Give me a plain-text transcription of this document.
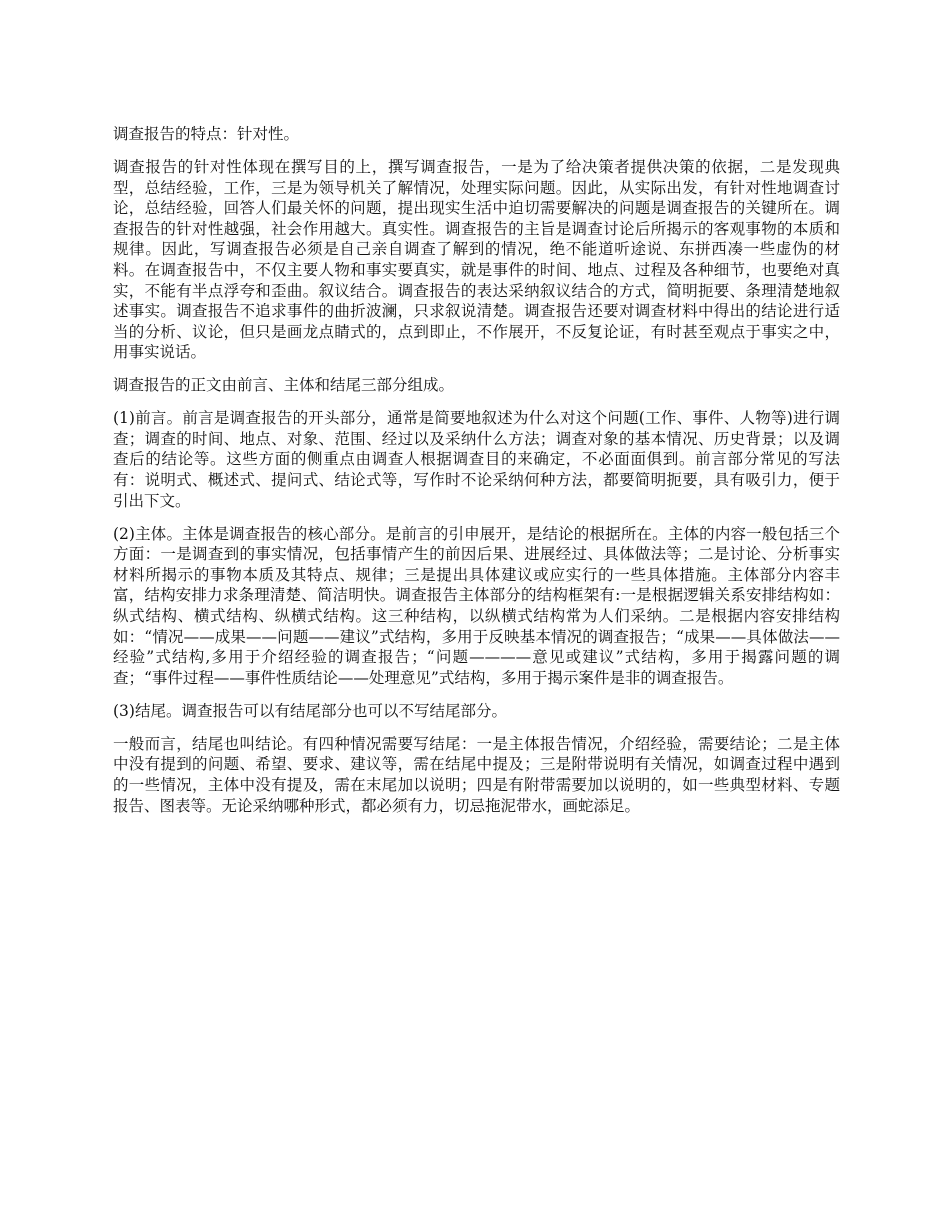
调查报告的特点：针对性。

调查报告的针对性体现在撰写目的上，撰写调查报告，一是为了给决策者提供决策的依据，二是发现典型，总结经验，工作，三是为领导机关了解情况，处理实际问题。因此，从实际出发，有针对性地调查讨论，总结经验，回答人们最关怀的问题，提出现实生活中迫切需要解决的问题是调查报告的关键所在。调查报告的针对性越强，社会作用越大。真实性。调查报告的主旨是调查讨论后所揭示的客观事物的本质和规律。因此，写调查报告必须是自己亲自调查了解到的情况，绝不能道听途说、东拼西凑一些虚伪的材料。在调查报告中，不仅主要人物和事实要真实，就是事件的时间、地点、过程及各种细节，也要绝对真实，不能有半点浮夸和歪曲。叙议结合。调查报告的表达采纳叙议结合的方式，简明扼要、条理清楚地叙述事实。调查报告不追求事件的曲折波澜，只求叙说清楚。调查报告还要对调查材料中得出的结论进行适当的分析、议论，但只是画龙点睛式的，点到即止，不作展开，不反复论证，有时甚至观点于事实之中，用事实说话。

调查报告的正文由前言、主体和结尾三部分组成。

(1)前言。前言是调查报告的开头部分，通常是简要地叙述为什么对这个问题(工作、事件、人物等)进行调查；调查的时间、地点、对象、范围、经过以及采纳什么方法；调查对象的基本情况、历史背景；以及调查后的结论等。这些方面的侧重点由调查人根据调查目的来确定，不必面面俱到。前言部分常见的写法有：说明式、概述式、提问式、结论式等，写作时不论采纳何种方法，都要简明扼要，具有吸引力，便于引出下文。

(2)主体。主体是调查报告的核心部分。是前言的引申展开，是结论的根据所在。主体的内容一般包括三个方面：一是调查到的事实情况，包括事情产生的前因后果、进展经过、具体做法等；二是讨论、分析事实材料所揭示的事物本质及其特点、规律；三是提出具体建议或应实行的一些具体措施。主体部分内容丰富，结构安排力求条理清楚、简洁明快。调查报告主体部分的结构框架有:一是根据逻辑关系安排结构如：纵式结构、横式结构、纵横式结构。这三种结构，以纵横式结构常为人们采纳。二是根据内容安排结构如：“情况——成果——问题——建议”式结构，多用于反映基本情况的调查报告；“成果——具体做法——经验”式结构,多用于介绍经验的调查报告；“问题————意见或建议”式结构，多用于揭露问题的调查；“事件过程——事件性质结论——处理意见”式结构，多用于揭示案件是非的调查报告。

(3)结尾。调查报告可以有结尾部分也可以不写结尾部分。

一般而言，结尾也叫结论。有四种情况需要写结尾：一是主体报告情况，介绍经验，需要结论；二是主体中没有提到的问题、希望、要求、建议等，需在结尾中提及；三是附带说明有关情况，如调查过程中遇到的一些情况，主体中没有提及，需在末尾加以说明；四是有附带需要加以说明的，如一些典型材料、专题报告、图表等。无论采纳哪种形式，都必须有力，切忌拖泥带水，画蛇添足。
